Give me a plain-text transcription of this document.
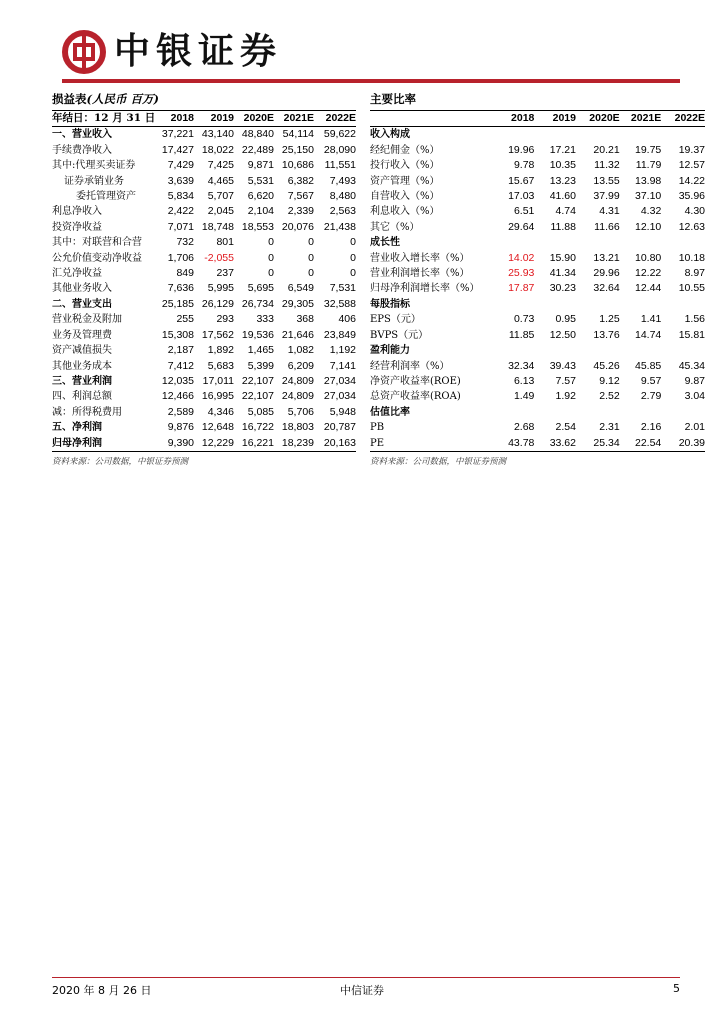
中银证券
损益表(人民币 百万)
年结日：12 月 31 日	2018	2019	2020E	2021E	2022E
一、营业收入	37,221	43,140	48,840	54,114	59,622
手续费净收入	17,427	18,022	22,489	25,150	28,090
其中:代理买卖证券	7,429	7,425	9,871	10,686	11,551
证券承销业务	3,639	4,465	5,531	6,382	7,493
委托管理资产	5,834	5,707	6,620	7,567	8,480
利息净收入	2,422	2,045	2,104	2,339	2,563
投资净收益	7,071	18,748	18,553	20,076	21,438
其中：对联营和合营	732	801	0	0	0
公允价值变动净收益	1,706	-2,055	0	0	0
汇兑净收益	849	237	0	0	0
其他业务收入	7,636	5,995	5,695	6,549	7,531
二、营业支出	25,185	26,129	26,734	29,305	32,588
营业税金及附加	255	293	333	368	406
业务及管理费	15,308	17,562	19,536	21,646	23,849
资产减值损失	2,187	1,892	1,465	1,082	1,192
其他业务成本	7,412	5,683	5,399	6,209	7,141
三、营业利润	12,035	17,011	22,107	24,809	27,034
四、利润总额	12,466	16,995	22,107	24,809	27,034
减：所得税费用	2,589	4,346	5,085	5,706	5,948
五、净利润	9,876	12,648	16,722	18,803	20,787
归母净利润	9,390	12,229	16,221	18,239	20,163
资料来源：公司数据，中银证券预测
主要比率
	2018	2019	2020E	2021E	2022E
收入构成					
经纪佣金（%）	19.96	17.21	20.21	19.75	19.37
投行收入（%）	9.78	10.35	11.32	11.79	12.57
资产管理（%）	15.67	13.23	13.55	13.98	14.22
自营收入（%）	17.03	41.60	37.99	37.10	35.96
利息收入（%）	6.51	4.74	4.31	4.32	4.30
其它（%）	29.64	11.88	11.66	12.10	12.63
成长性					
营业收入增长率（%）	14.02	15.90	13.21	10.80	10.18
营业利润增长率（%）	25.93	41.34	29.96	12.22	8.97
归母净利润增长率（%）	17.87	30.23	32.64	12.44	10.55
每股指标					
EPS（元）	0.73	0.95	1.25	1.41	1.56
BVPS（元）	11.85	12.50	13.76	14.74	15.81
盈利能力					
经营利润率（%）	32.34	39.43	45.26	45.85	45.34
净资产收益率(ROE)	6.13	7.57	9.12	9.57	9.87
总资产收益率(ROA)	1.49	1.92	2.52	2.79	3.04
估值比率					
PB	2.68	2.54	2.31	2.16	2.01
PE	43.78	33.62	25.34	22.54	20.39
资料来源：公司数据，中银证券预测
2020 年 8 月 26 日	中信证券	5
